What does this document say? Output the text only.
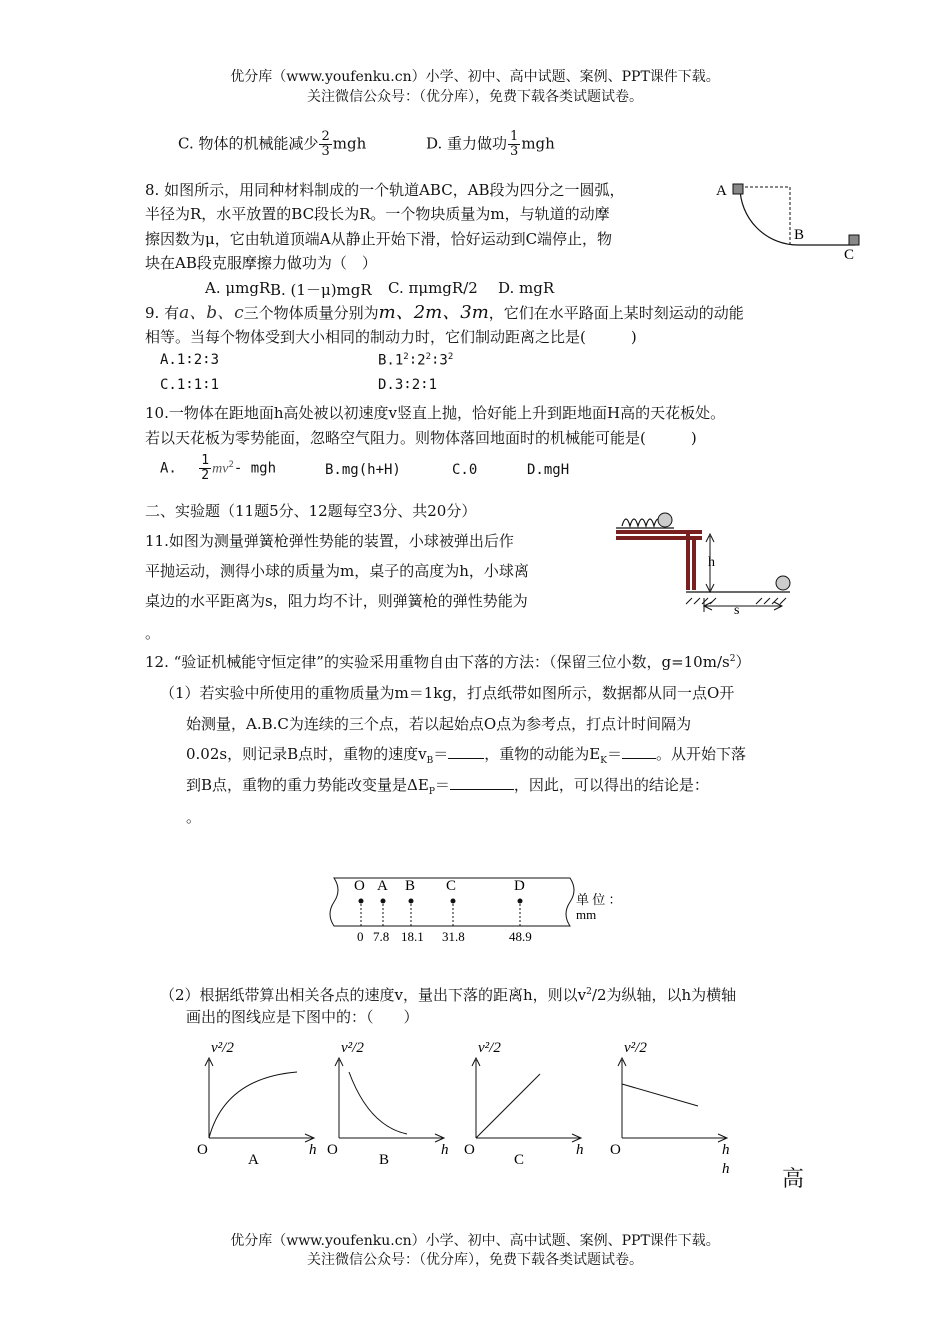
优分库（www.youfenku.cn）小学、初中、高中试题、案例、PPT课件下载。
关注微信公众号：（优分库），免费下载各类试题试卷。
C. 物体的机械能减少 $\frac{2}{3}$ mgh	D. 重力做功 $\frac{1}{3}$ mgh
8. 如图所示，用同种材料制成的一个轨道ABC，AB段为四分之一圆弧，
半径为R，水平放置的BC段长为R。一个物块质量为m，与轨道的动摩
擦因数为μ，它由轨道顶端A从静止开始下滑，恰好运动到C端停止，物
块在AB段克服摩擦力做功为（　）
A. μmgR B. (1－μ)mgR C. πμmgR/2 D. mgR
A
B
C
9. 有a、b、c三个物体质量分别为m、2m、3m，它们在水平路面上某时刻运动的动能
相等。当每个物体受到大小相同的制动力时，它们制动距离之比是(　　　)
A.1∶2∶3	$B.1^2∶2^2∶3^2$
C.1∶1∶1	D.3∶2∶1
10.一物体在距地面h高处被以初速度v竖直上抛，恰好能上升到距地面H高的天花板处。
若以天花板为零势能面，忽略空气阻力。则物体落回地面时的机械能可能是(　　　)
A. $\frac{1}{2} mv^2-$ mgh	B.mg(h+H)	C.0	D.mgH
二、实验题（11题5分、12题每空3分、共20分）
11.如图为测量弹簧枪弹性势能的装置，小球被弹出后作
平抛运动，测得小球的质量为m，桌子的高度为h，小球离
桌边的水平距离为s，阻力均不计，则弹簧枪的弹性势能为
。
h
s
12. “验证机械能守恒定律”的实验采用重物自由下落的方法：（保留三位小数，$g=10m/s^2$）
（1）若实验中所使用的重物质量为m＝1kg，打点纸带如图所示，数据都从同一点O开
始测量，A.B.C为连续的三个点，若以起始点O点为参考点，打点计时间隔为
0.02s，则记录B点时，重物的速度$v_B=$ ，重物的动能为$E_K=$ 。从开始下落
到B点，重物的重力势能改变量是$\Delta E_P=$	，因此，可以得出的结论是：
。
O
0
A
7.8
B
18.1
C
31.8
D
48.9
单 位 ：
mm
（2）根据纸带算出相关各点的速度v，量出下落的距离h，则以$v^2/2$为纵轴，以h为横轴
画出的图线应是下图中的：（　　）
v²/2
O	h
A
v²/2
O	h
B
v²/2
O	h
C
v²/2
O	h
h 高
优分库（www.youfenku.cn）小学、初中、高中试题、案例、PPT课件下载。
关注微信公众号：（优分库），免费下载各类试题试卷。
